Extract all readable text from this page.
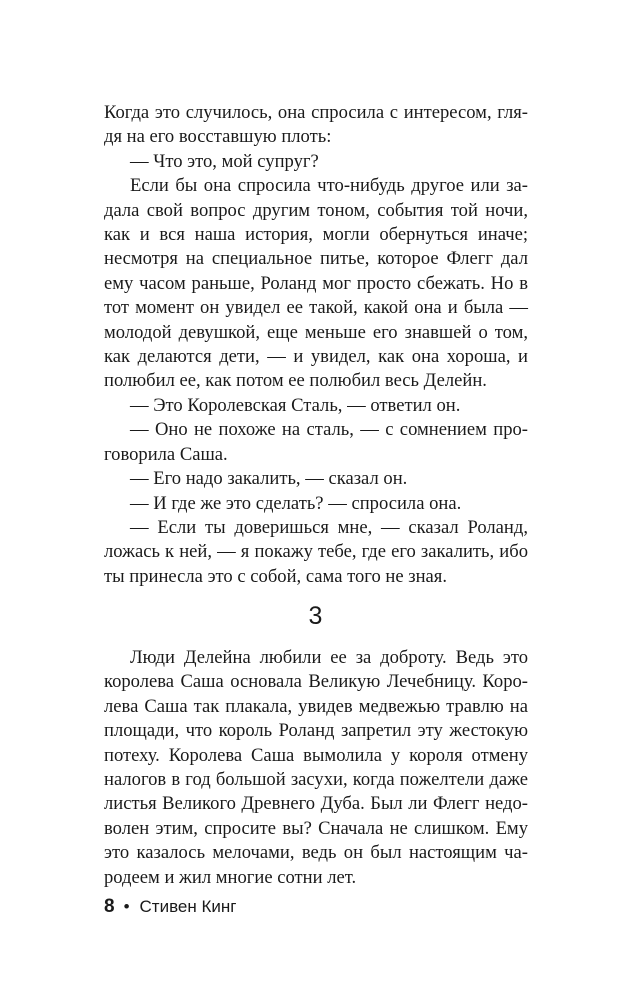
Когда это случилось, она спросила с интересом, глядя на его восставшую плоть:

— Что это, мой супруг?

Если бы она спросила что-нибудь другое или задала свой вопрос другим тоном, события той ночи, как и вся наша история, могли обернуться иначе; несмотря на специальное питье, которое Флегг дал ему часом раньше, Роланд мог просто сбежать. Но в тот момент он увидел ее такой, какой она и была — молодой девушкой, еще меньше его знавшей о том, как делаются дети, — и увидел, как она хороша, и полюбил ее, как потом ее полюбил весь Делейн.

— Это Королевская Сталь, — ответил он.

— Оно не похоже на сталь, — с сомнением проговорила Саша.

— Его надо закалить, — сказал он.

— И где же это сделать? — спросила она.

— Если ты доверишься мне, — сказал Роланд, ложась к ней, — я покажу тебе, где его закалить, ибо ты принесла это с собой, сама того не зная.

3

Люди Делейна любили ее за доброту. Ведь это королева Саша основала Великую Лечебницу. Королева Саша так плакала, увидев медвежью травлю на площади, что король Роланд запретил эту жестокую потеху. Королева Саша вымолила у короля отмену налогов в год большой засухи, когда пожелтели даже листья Великого Древнего Дуба. Был ли Флегг недоволен этим, спросите вы? Сначала не слишком. Ему это казалось мелочами, ведь он был настоящим чародеем и жил многие сотни лет.

8 • Стивен Кинг
